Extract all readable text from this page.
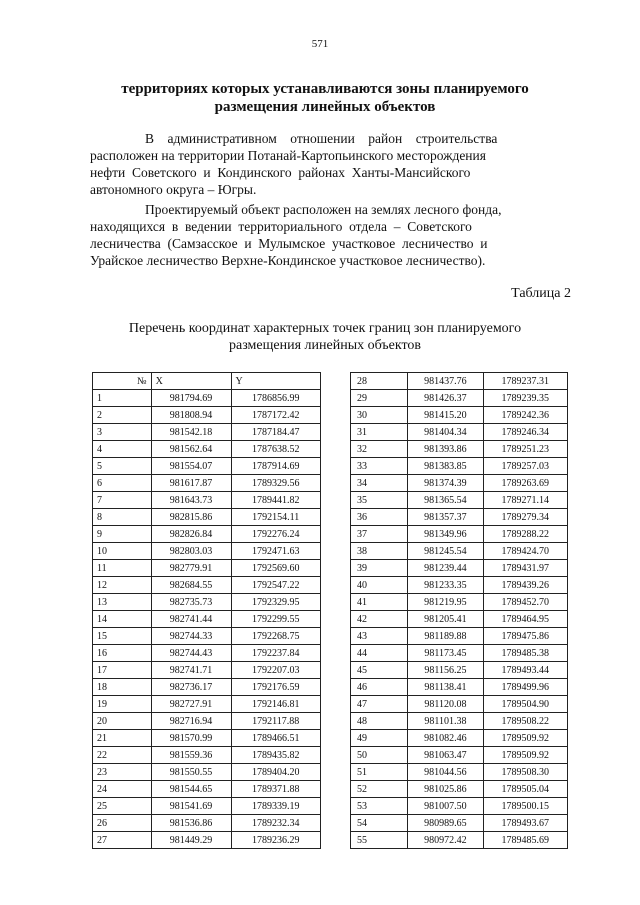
571
территориях которых устанавливаются зоны планируемого
размещения линейных объектов
В    административном    отношении    район    строительства
расположен на территории Потанай-Картопьинского месторождения
нефти  Советского  и  Кондинского  районах  Ханты-Мансийского
автономного округа – Югры.
Проектируемый объект расположен на землях лесного фонда,
находящихся  в  ведении  территориального  отдела  –  Советского
лесничества  (Самзасское  и  Мулымское  участковое  лесничество  и
Урайское лесничество Верхне-Кондинское участковое лесничество).
Таблица 2
Перечень координат характерных точек границ зон планируемого
размещения линейных объектов
№	X	Y
1	981794.69	1786856.99
2	981808.94	1787172.42
3	981542.18	1787184.47
4	981562.64	1787638.52
5	981554.07	1787914.69
6	981617.87	1789329.56
7	981643.73	1789441.82
8	982815.86	1792154.11
9	982826.84	1792276.24
10	982803.03	1792471.63
11	982779.91	1792569.60
12	982684.55	1792547.22
13	982735.73	1792329.95
14	982741.44	1792299.55
15	982744.33	1792268.75
16	982744.43	1792237.84
17	982741.71	1792207.03
18	982736.17	1792176.59
19	982727.91	1792146.81
20	982716.94	1792117.88
21	981570.99	1789466.51
22	981559.36	1789435.82
23	981550.55	1789404.20
24	981544.65	1789371.88
25	981541.69	1789339.19
26	981536.86	1789232.34
27	981449.29	1789236.29
28	981437.76	1789237.31
29	981426.37	1789239.35
30	981415.20	1789242.36
31	981404.34	1789246.34
32	981393.86	1789251.23
33	981383.85	1789257.03
34	981374.39	1789263.69
35	981365.54	1789271.14
36	981357.37	1789279.34
37	981349.96	1789288.22
38	981245.54	1789424.70
39	981239.44	1789431.97
40	981233.35	1789439.26
41	981219.95	1789452.70
42	981205.41	1789464.95
43	981189.88	1789475.86
44	981173.45	1789485.38
45	981156.25	1789493.44
46	981138.41	1789499.96
47	981120.08	1789504.90
48	981101.38	1789508.22
49	981082.46	1789509.92
50	981063.47	1789509.92
51	981044.56	1789508.30
52	981025.86	1789505.04
53	981007.50	1789500.15
54	980989.65	1789493.67
55	980972.42	1789485.69
